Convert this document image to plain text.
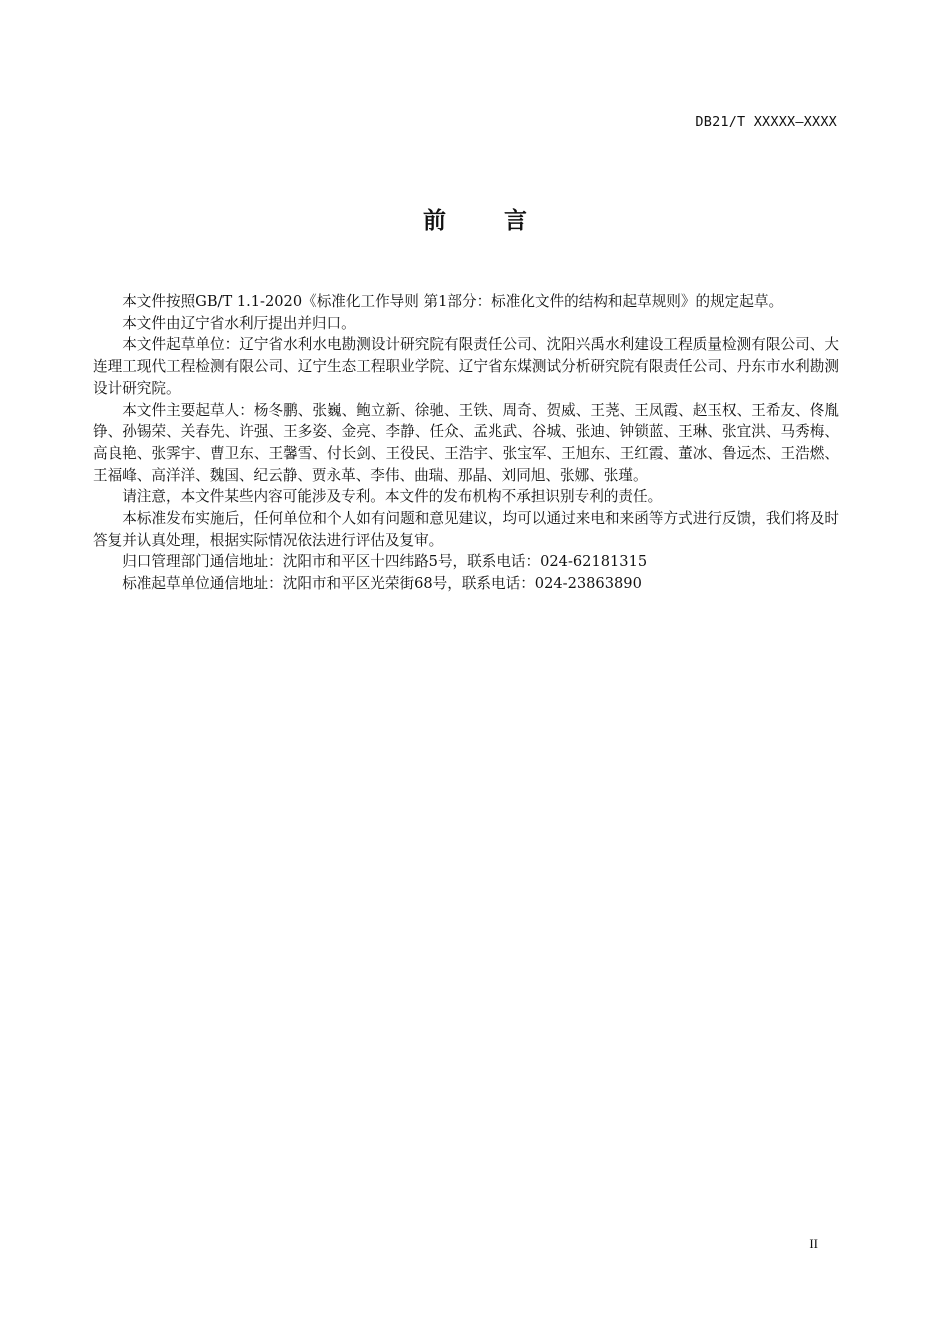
DB21/T XXXXX—XXXX
前言

本文件按照GB/T 1.1-2020《标准化工作导则 第1部分：标准化文件的结构和起草规则》的规定起草。

本文件由辽宁省水利厅提出并归口。

本文件起草单位：辽宁省水利水电勘测设计研究院有限责任公司、沈阳兴禹水利建设工程质量检测有限公司、大连理工现代工程检测有限公司、辽宁生态工程职业学院、辽宁省东煤测试分析研究院有限责任公司、丹东市水利勘测设计研究院。

本文件主要起草人：杨冬鹏、张巍、鲍立新、徐驰、王铁、周奇、贺威、王荛、王凤霞、赵玉权、王希友、佟胤铮、孙锡荣、关春先、许强、王多姿、金亮、李静、任众、孟兆武、谷城、张迪、钟锁蓝、王琳、张宜洪、马秀梅、高良艳、张霁宇、曹卫东、王馨雪、付长剑、王役民、王浩宇、张宝军、王旭东、王红霞、董冰、鲁远杰、王浩燃、王福峰、高洋洋、魏国、纪云静、贾永革、李伟、曲瑞、那晶、刘同旭、张娜、张瑾。

请注意，本文件某些内容可能涉及专利。本文件的发布机构不承担识别专利的责任。

本标准发布实施后，任何单位和个人如有问题和意见建议，均可以通过来电和来函等方式进行反馈，我们将及时答复并认真处理，根据实际情况依法进行评估及复审。

归口管理部门通信地址：沈阳市和平区十四纬路5号，联系电话：024-62181315

标准起草单位通信地址：沈阳市和平区光荣街68号，联系电话：024-23863890

II
